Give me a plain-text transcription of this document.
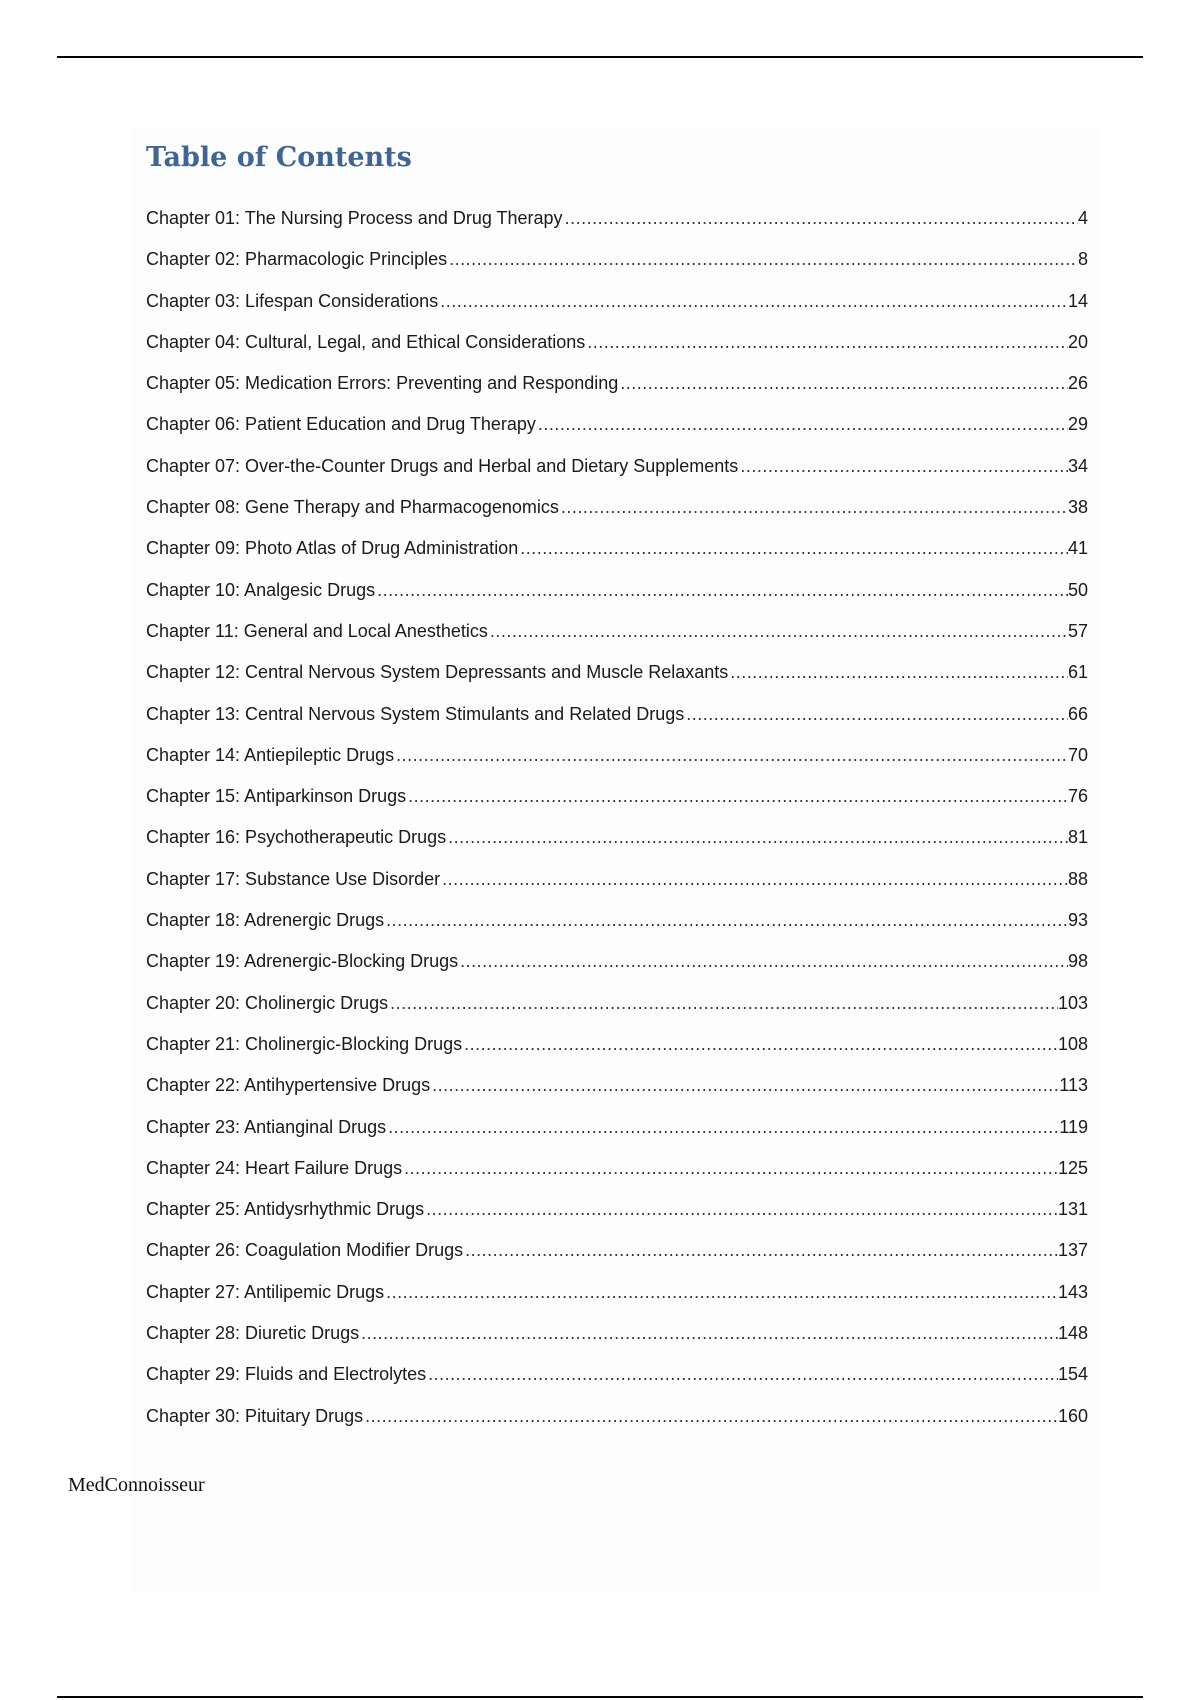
Table of Contents
Chapter 01: The Nursing Process and Drug Therapy .....	4
Chapter 02: Pharmacologic Principles .....	8
Chapter 03: Lifespan Considerations .....	14
Chapter 04: Cultural, Legal, and Ethical Considerations .....	20
Chapter 05: Medication Errors: Preventing and Responding .....	26
Chapter 06: Patient Education and Drug Therapy .....	29
Chapter 07: Over-the-Counter Drugs and Herbal and Dietary Supplements .....	34
Chapter 08: Gene Therapy and Pharmacogenomics .....	38
Chapter 09: Photo Atlas of Drug Administration .....	41
Chapter 10: Analgesic Drugs .....	50
Chapter 11: General and Local Anesthetics .....	57
Chapter 12: Central Nervous System Depressants and Muscle Relaxants .....	61
Chapter 13: Central Nervous System Stimulants and Related Drugs .....	66
Chapter 14: Antiepileptic Drugs .....	70
Chapter 15: Antiparkinson Drugs .....	76
Chapter 16: Psychotherapeutic Drugs .....	81
Chapter 17: Substance Use Disorder .....	88
Chapter 18: Adrenergic Drugs .....	93
Chapter 19: Adrenergic-Blocking Drugs .....	98
Chapter 20: Cholinergic Drugs .....	103
Chapter 21: Cholinergic-Blocking Drugs .....	108
Chapter 22: Antihypertensive Drugs .....	113
Chapter 23: Antianginal Drugs .....	119
Chapter 24: Heart Failure Drugs .....	125
Chapter 25: Antidysrhythmic Drugs .....	131
Chapter 26: Coagulation Modifier Drugs .....	137
Chapter 27: Antilipemic Drugs .....	143
Chapter 28: Diuretic Drugs .....	148
Chapter 29: Fluids and Electrolytes .....	154
Chapter 30: Pituitary Drugs .....	160
MedConnoisseur
